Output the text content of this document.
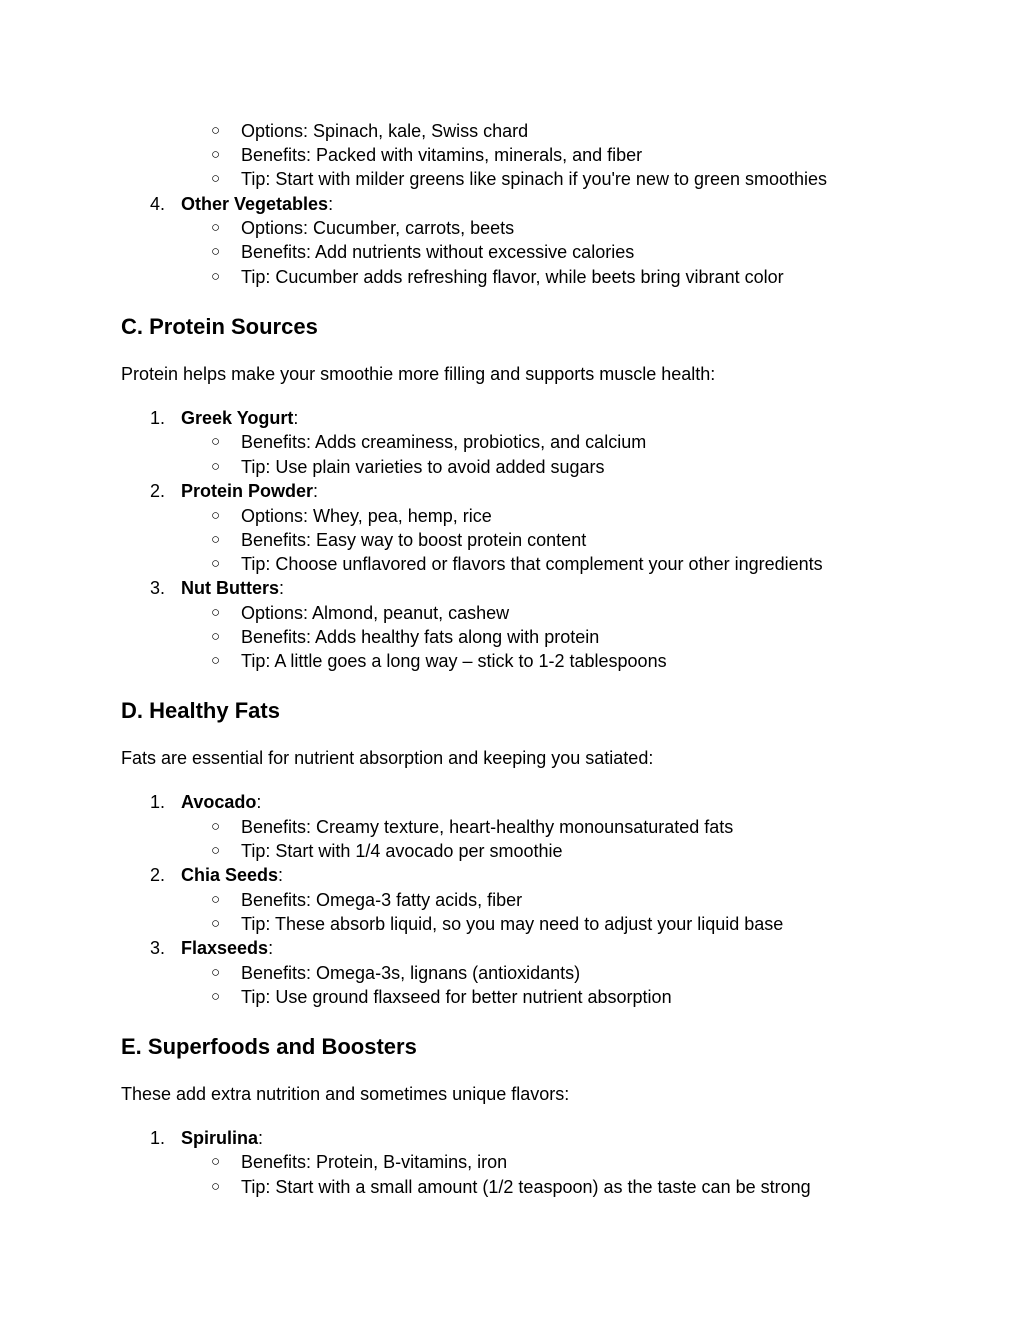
○ Options: Spinach, kale, Swiss chard
○ Benefits: Packed with vitamins, minerals, and fiber
○ Tip: Start with milder greens like spinach if you're new to green smoothies
4. Other Vegetables:
○ Options: Cucumber, carrots, beets
○ Benefits: Add nutrients without excessive calories
○ Tip: Cucumber adds refreshing flavor, while beets bring vibrant color
C. Protein Sources
Protein helps make your smoothie more filling and supports muscle health:
1. Greek Yogurt:
○ Benefits: Adds creaminess, probiotics, and calcium
○ Tip: Use plain varieties to avoid added sugars
2. Protein Powder:
○ Options: Whey, pea, hemp, rice
○ Benefits: Easy way to boost protein content
○ Tip: Choose unflavored or flavors that complement your other ingredients
3. Nut Butters:
○ Options: Almond, peanut, cashew
○ Benefits: Adds healthy fats along with protein
○ Tip: A little goes a long way – stick to 1-2 tablespoons
D. Healthy Fats
Fats are essential for nutrient absorption and keeping you satiated:
1. Avocado:
○ Benefits: Creamy texture, heart-healthy monounsaturated fats
○ Tip: Start with 1/4 avocado per smoothie
2. Chia Seeds:
○ Benefits: Omega-3 fatty acids, fiber
○ Tip: These absorb liquid, so you may need to adjust your liquid base
3. Flaxseeds:
○ Benefits: Omega-3s, lignans (antioxidants)
○ Tip: Use ground flaxseed for better nutrient absorption
E. Superfoods and Boosters
These add extra nutrition and sometimes unique flavors:
1. Spirulina:
○ Benefits: Protein, B-vitamins, iron
○ Tip: Start with a small amount (1/2 teaspoon) as the taste can be strong
